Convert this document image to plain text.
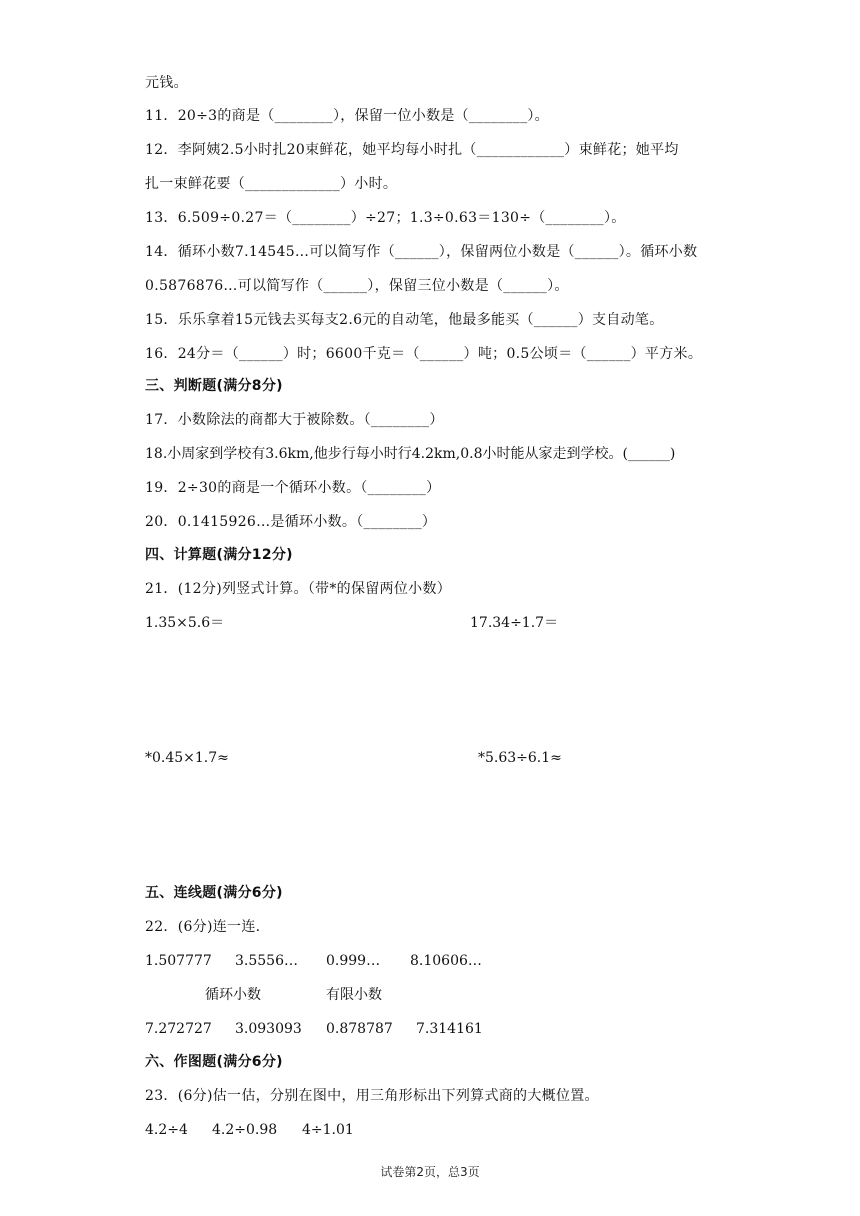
元钱。
11．20÷3的商是（________），保留一位小数是（________）。
12．李阿姨2.5小时扎20束鲜花，她平均每小时扎（____________）束鲜花；她平均
扎一束鲜花要（_____________）小时。
13．6.509÷0.27＝（________）÷27；1.3÷0.63＝130÷（________）。
14．循环小数7.14545…可以简写作（______），保留两位小数是（______）。循环小数
0.5876876…可以简写作（______），保留三位小数是（______）。
15．乐乐拿着15元钱去买每支2.6元的自动笔，他最多能买（______）支自动笔。
16．24分＝（______）时；6600千克＝（______）吨；0.5公顷＝（______）平方米。
三、判断题(满分8分)
17．小数除法的商都大于被除数。（________）
18.小周家到学校有3.6km,他步行每小时行4.2km,0.8小时能从家走到学校。(______)
19．2÷30的商是一个循环小数。（________）
20．0.1415926…是循环小数。（________）
四、计算题(满分12分)
21．(12分)列竖式计算。（带*的保留两位小数）
1.35×5.6＝	17.34÷1.7＝
*0.45×1.7≈	*5.63÷6.1≈
五、连线题(满分6分)
22．(6分)连一连.
1.507777 3.5556… 0.999… 8.10606…
循环小数	有限小数
7.272727 3.093093 0.878787 7.314161
六、作图题(满分6分)
23．(6分)估一估，分别在图中，用三角形标出下列算式商的大概位置。
4.2÷4 4.2÷0.98 4÷1.01
试卷第2页，总3页
